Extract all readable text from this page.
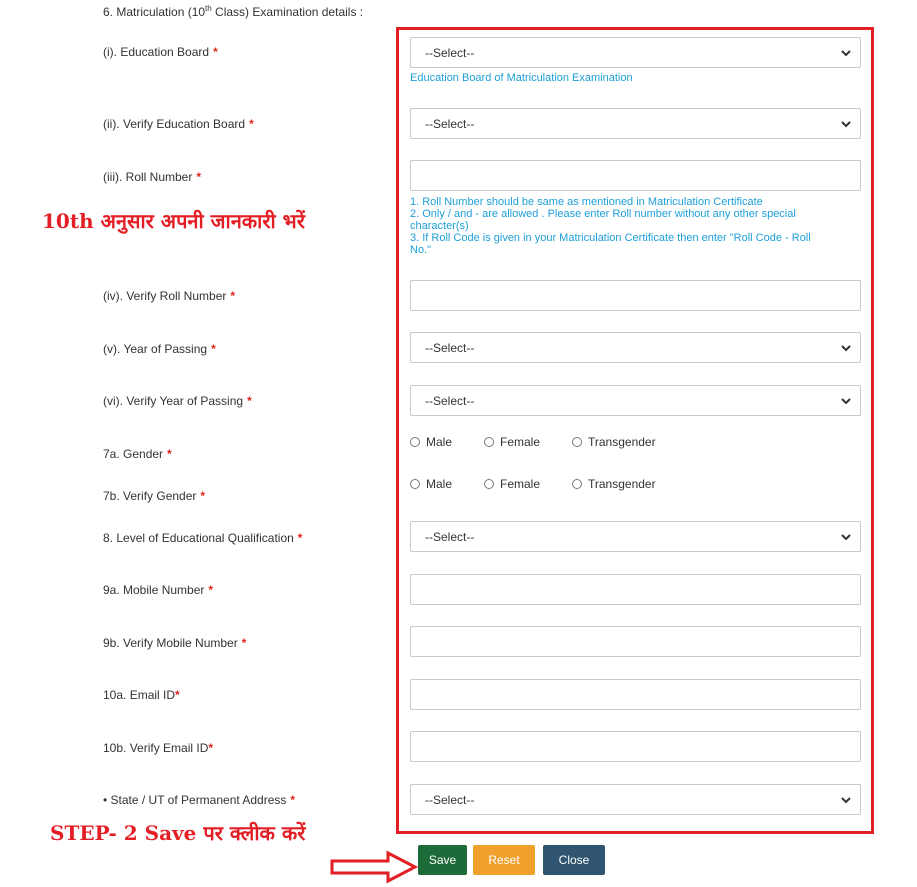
6. Matriculation (10th Class) Examination details :
(i). Education Board *	--Select--
Education Board of Matriculation Examination
(ii). Verify Education Board *	--Select--
(iii). Roll Number *
1. Roll Number should be same as mentioned in Matriculation Certificate
2. Only / and - are allowed . Please enter Roll number without any other special character(s)
3. If Roll Code is given in your Matriculation Certificate then enter "Roll Code - Roll No."
(iv). Verify Roll Number *
(v). Year of Passing *	--Select--
(vi). Verify Year of Passing *	--Select--
7a. Gender *
Male	Female	Transgender
7b. Verify Gender *
Male	Female	Transgender
8. Level of Educational Qualification *	--Select--
9a. Mobile Number *
9b. Verify Mobile Number *
10a. Email ID*
10b. Verify Email ID*
• State / UT of Permanent Address *	--Select--
10th अनुसार अपनी जानकारी भरें
STEP- 2 Save पर क्लीक करें
Save	Reset	Close
